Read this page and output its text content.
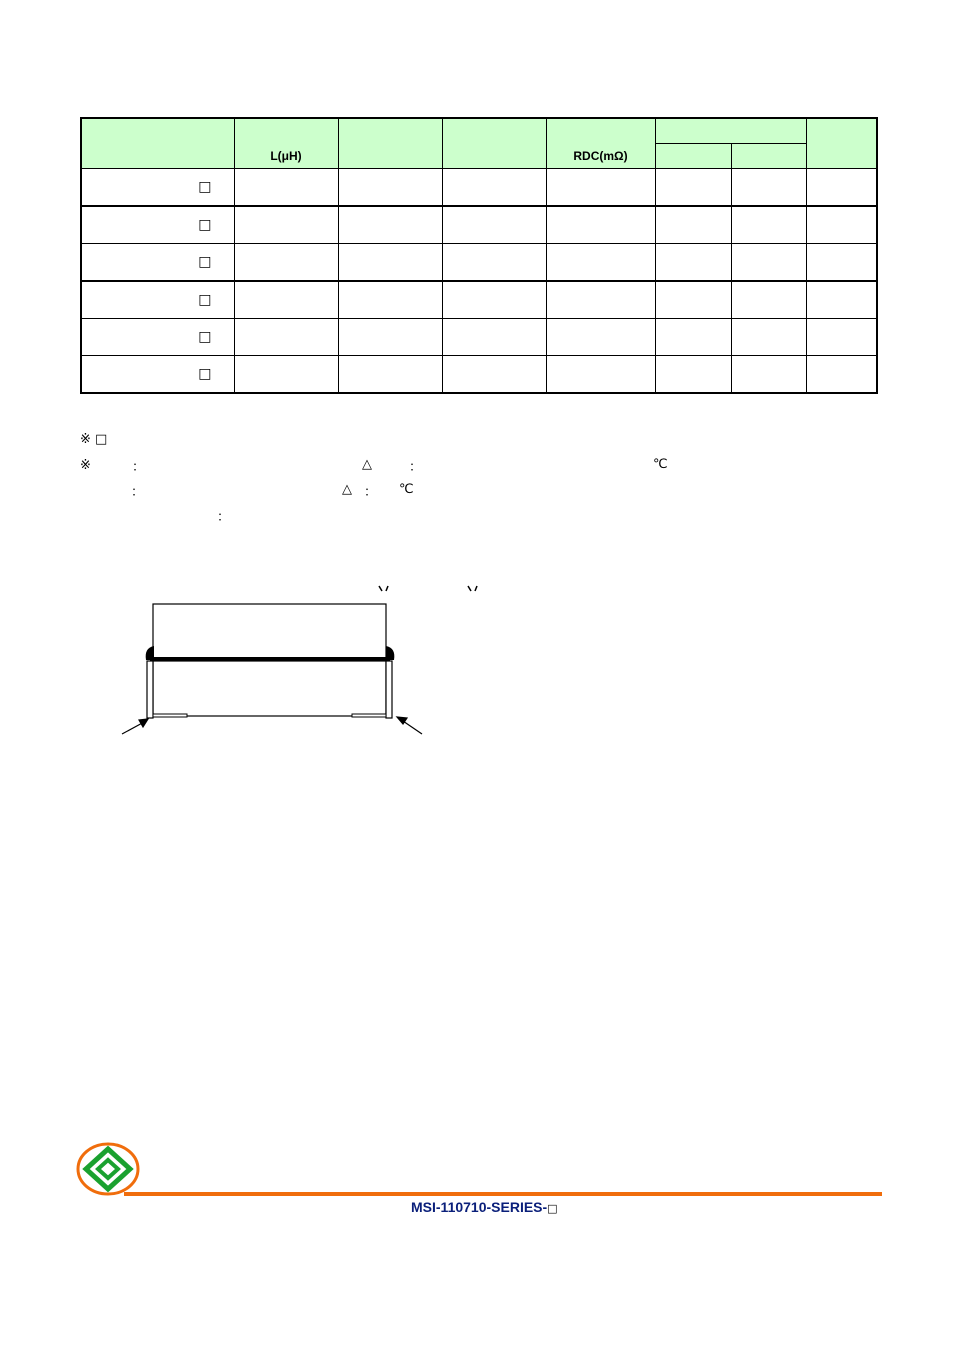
	L(μH)			RDC(mΩ)			

□							
□							
□							
□							
□							
□							
※ □
※	：	△	：	℃
：	△ ： ℃
：
MSI-110710-SERIES-□
